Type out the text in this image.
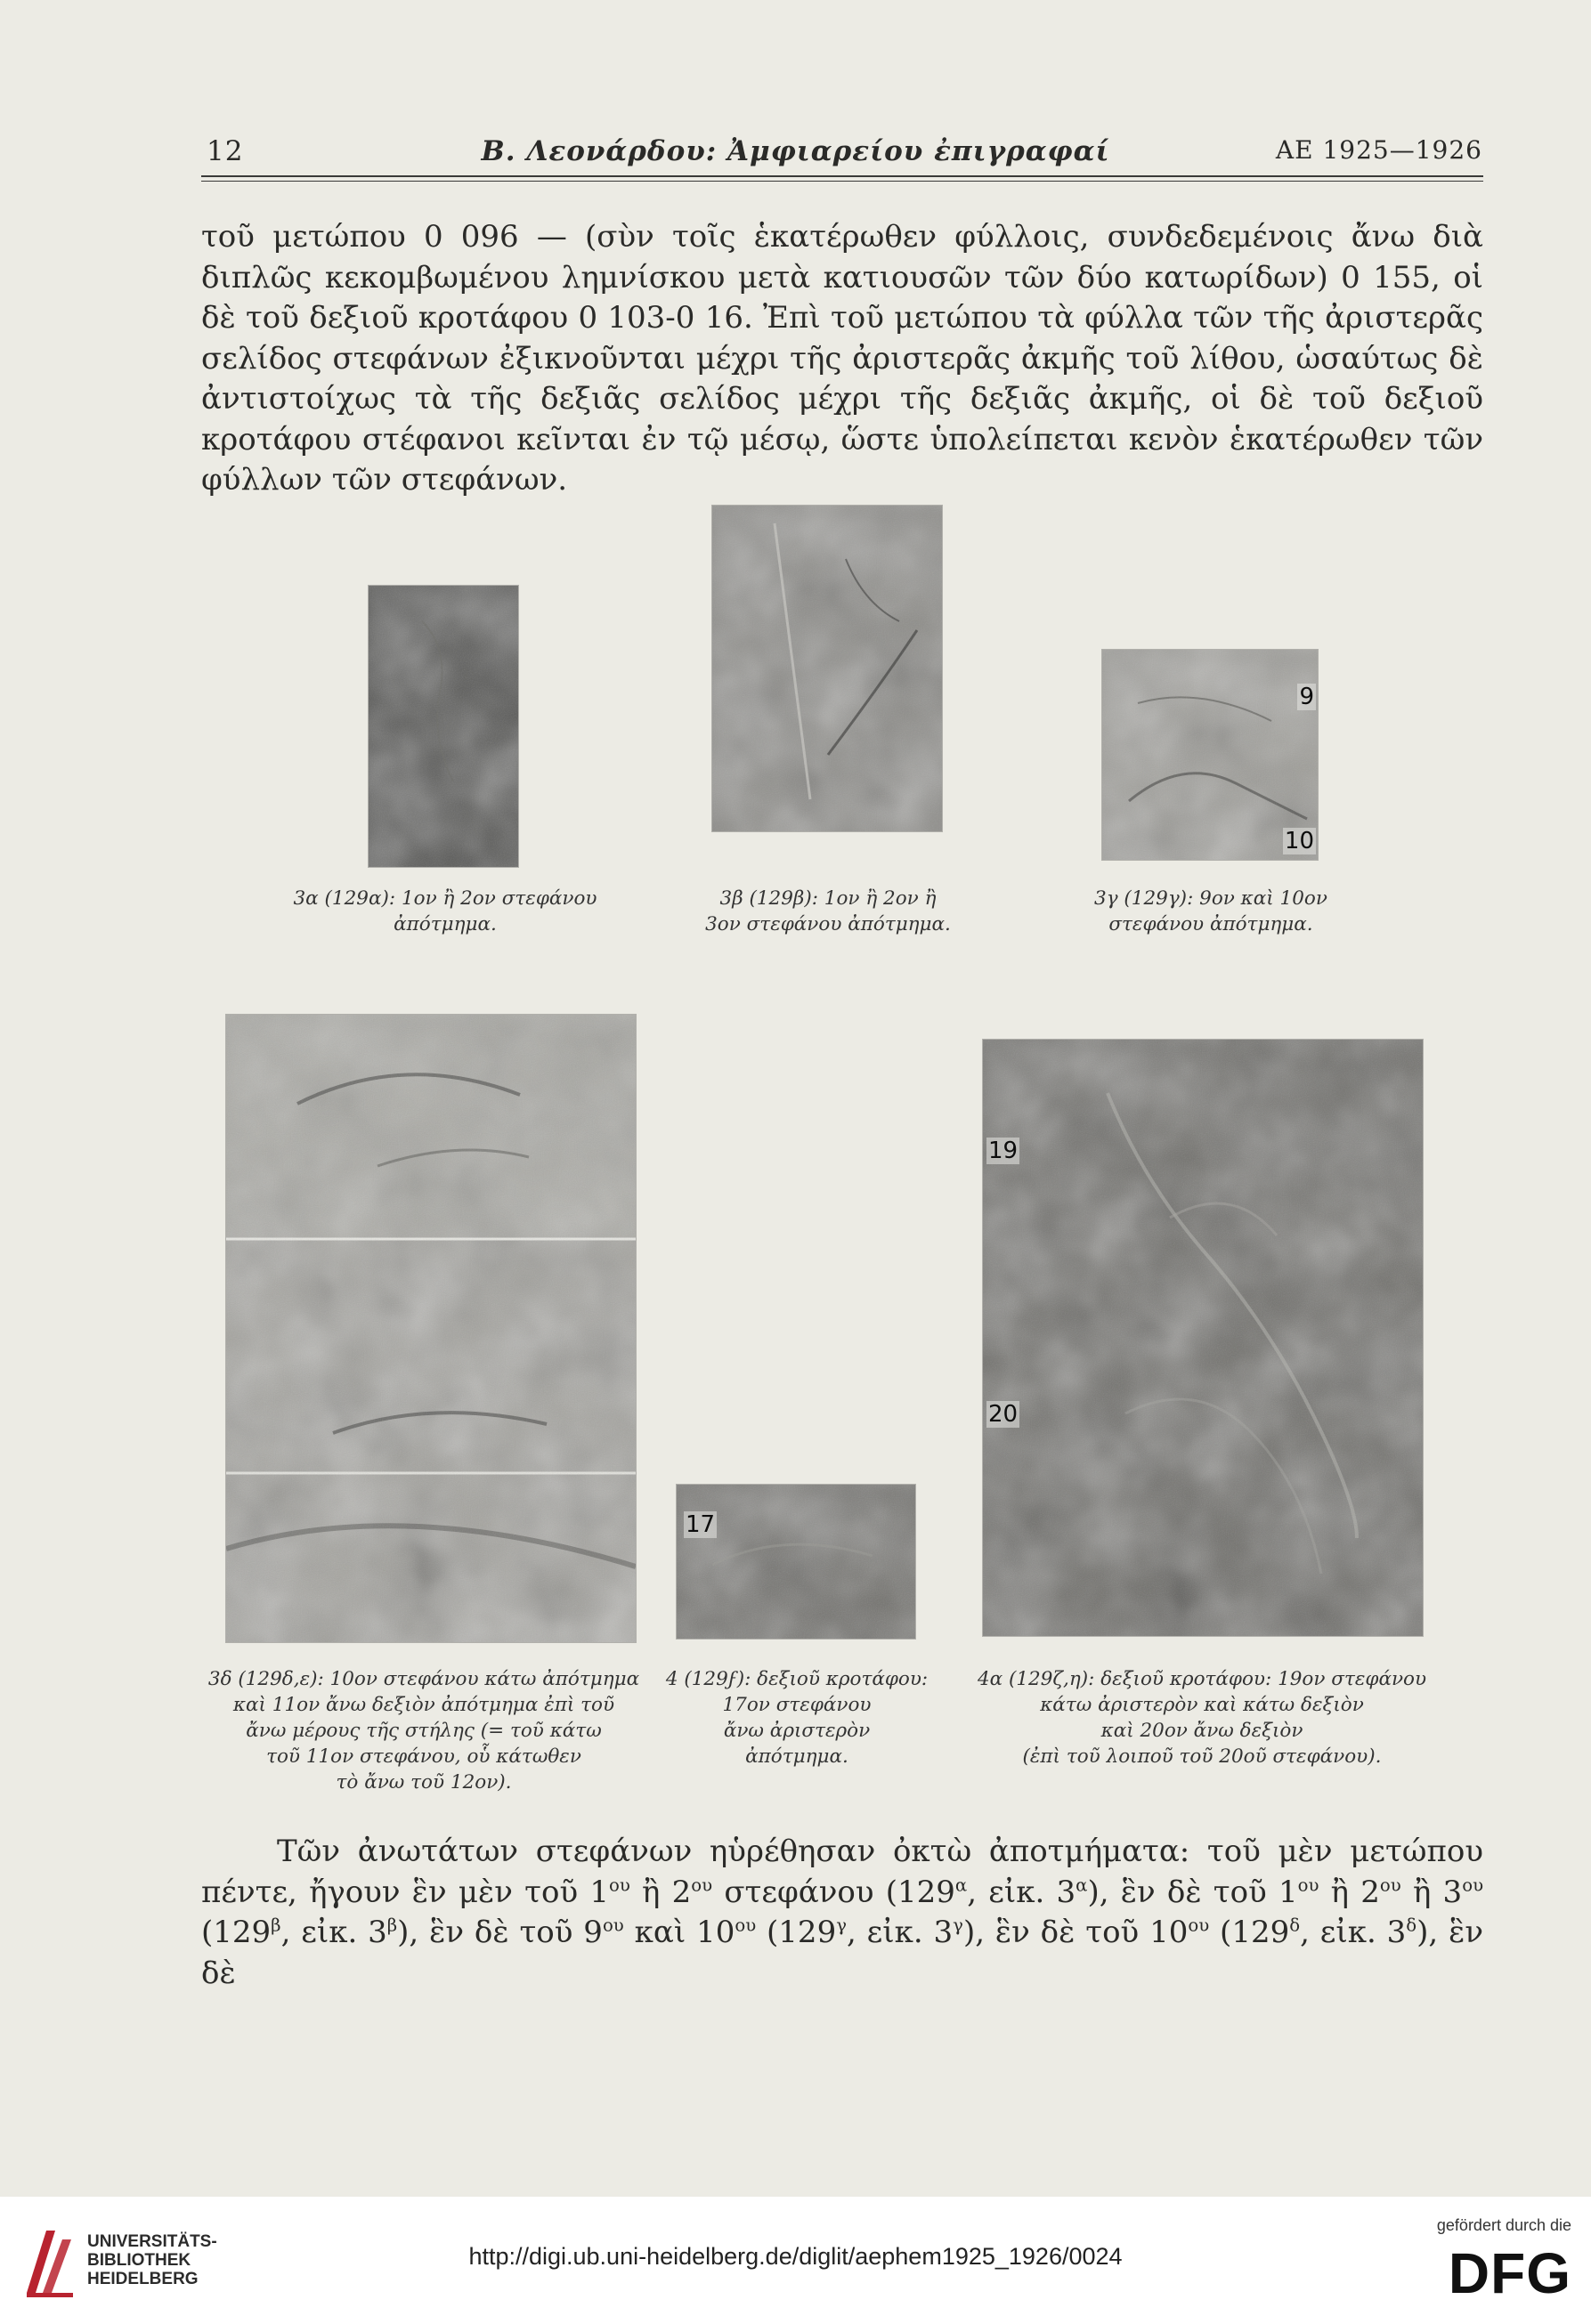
12	Β. Λεονάρδου: Ἀμφιαρείου ἐπιγραφαί	ΑΕ 1925—1926
τοῦ μετώπου 0 096 — (σὺν τοῖς ἑκατέρωθεν φύλλοις, συνδεδεμένοις ἄνω διὰ διπλῶς κεκομβωμένου λημνίσκου μετὰ κατιουσῶν τῶν δύο κατωρίδων) 0 155, οἱ δὲ τοῦ δεξιοῦ κροτάφου 0 103-0 16. Ἐπὶ τοῦ μετώπου τὰ φύλλα τῶν τῆς ἀριστερᾶς σελίδος στεφάνων ἐξικνοῦνται μέχρι τῆς ἀριστερᾶς ἀκμῆς τοῦ λίθου, ὡσαύτως δὲ ἀντιστοίχως τὰ τῆς δεξιᾶς σελίδος μέχρι τῆς δεξιᾶς ἀκμῆς, οἱ δὲ τοῦ δεξιοῦ κροτάφου στέφανοι κεῖνται ἐν τῷ μέσῳ, ὥστε ὑπολείπεται κενὸν ἑκατέρωθεν τῶν φύλλων τῶν στεφάνων.
3α (129α): 1ον ἢ 2ον στεφάνου
ἀπότμημα.
3β (129β): 1ον ἢ 2ον ἢ
3ον στεφάνου ἀπότμημα.
9
10
3γ (129γ): 9ον καὶ 10ον
στεφάνου ἀπότμημα.
3δ (129δ,ε): 10ον στεφάνου κάτω ἀπότμημα
καὶ 11ον ἄνω δεξιὸν ἀπότμημα ἐπὶ τοῦ
ἄνω μέρους τῆς στήλης (= τοῦ κάτω
τοῦ 11ον στεφάνου, οὗ κάτωθεν
τὸ ἄνω τοῦ 12ον).
17
4 (129ϝ): δεξιοῦ κροτάφου:
17ον στεφάνου
ἄνω ἀριστερὸν
ἀπότμημα.
19
20
4α (129ζ,η): δεξιοῦ κροτάφου: 19ον στεφάνου
κάτω ἀριστερὸν καὶ κάτω δεξιὸν
καὶ 20ον ἄνω δεξιὸν
(ἐπὶ τοῦ λοιποῦ τοῦ 20οῦ στεφάνου).
Τῶν ἀνωτάτων στεφάνων ηὑρέθησαν ὀκτὼ ἀποτμήματα: τοῦ μὲν μετώπου πέντε, ἤγουν ἓν μὲν τοῦ $1^{o\upsilon}$ ἢ $2^{o\upsilon}$ στεφάνου ($129^\alpha$, εἰκ. $3^\alpha$), ἓν δὲ τοῦ $1^{o\upsilon}$ ἢ $2^{o\upsilon}$ ἢ $3^{o\upsilon}$ ($129^\beta$, εἰκ. $3^\beta$), ἓν δὲ τοῦ $9^{o\upsilon}$ καὶ $10^{o\upsilon}$ ($129^\gamma$, εἰκ. $3^\gamma$), ἓν δὲ τοῦ $10^{o\upsilon}$ ($129^\delta$, εἰκ. $3^\delta$), ἓν δὲ
UNIVERSITÄTS-
BIBLIOTHEK
HEIDELBERG
http://digi.ub.uni-heidelberg.de/diglit/aephem1925_1926/0024
gefördert durch die
DFG
